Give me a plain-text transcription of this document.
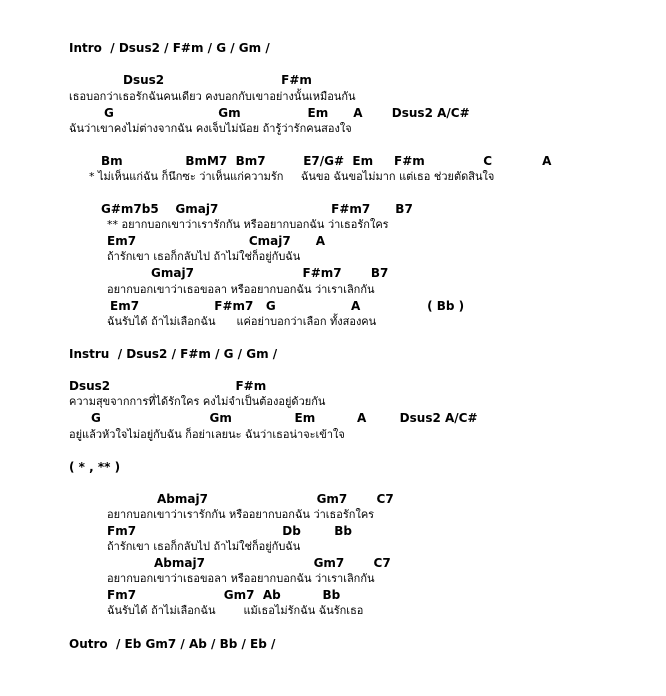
Intro  / Dsus2 / F#m / G / Gm /
Dsus2                            F#m
เธอบอกว่าเธอรักฉันคนเดียว คงบอกกับเขาอย่างนั้นเหมือนกัน
G                         Gm                Em      A       Dsus2 A/C#
ฉันว่าเขาคงไม่ต่างจากฉัน คงเจ็บไม่น้อย ถ้ารู้ว่ารักคนสองใจ
Bm               BmM7  Bm7         E7/G#  Em     F#m              C            A
* ไม่เห็นแก่ฉัน ก็นึกซะ ว่าเห็นแก่ความรัก     ฉันขอ ฉันขอไม่มาก แต่เธอ ช่วยตัดสินใจ
G#m7b5    Gmaj7                           F#m7      B7
** อยากบอกเขาว่าเรารักกัน หรืออยากบอกฉัน ว่าเธอรักใคร
Em7                           Cmaj7      A
ถ้ารักเขา เธอก็กลับไป ถ้าไม่ใช่ก็อยู่กับฉัน
Gmaj7                          F#m7       B7
อยากบอกเขาว่าเธอขอลา หรืออยากบอกฉัน ว่าเราเลิกกัน
Em7                  F#m7   G                  A                ( Bb )
ฉันรับได้ ถ้าไม่เลือกฉัน      แค่อย่าบอกว่าเลือก ทั้งสองคน
Instru  / Dsus2 / F#m / G / Gm /
Dsus2                              F#m
ความสุขจากการที่ได้รักใคร คงไม่จำเป็นต้องอยู่ด้วยกัน
G                          Gm               Em          A        Dsus2 A/C#
อยู่แล้วหัวใจไม่อยู่กับฉัน ก็อย่าเลยนะ ฉันว่าเธอน่าจะเข้าใจ
( * , ** )
Abmaj7                          Gm7       C7
อยากบอกเขาว่าเรารักกัน หรืออยากบอกฉัน ว่าเธอรักใคร
Fm7                                   Db        Bb
ถ้ารักเขา เธอก็กลับไป ถ้าไม่ใช่ก็อยู่กับฉัน
Abmaj7                          Gm7       C7
อยากบอกเขาว่าเธอขอลา หรืออยากบอกฉัน ว่าเราเลิกกัน
Fm7                     Gm7  Ab          Bb
ฉันรับได้ ถ้าไม่เลือกฉัน        แม้เธอไม่รักฉัน ฉันรักเธอ
Outro  / Eb Gm7 / Ab / Bb / Eb /
